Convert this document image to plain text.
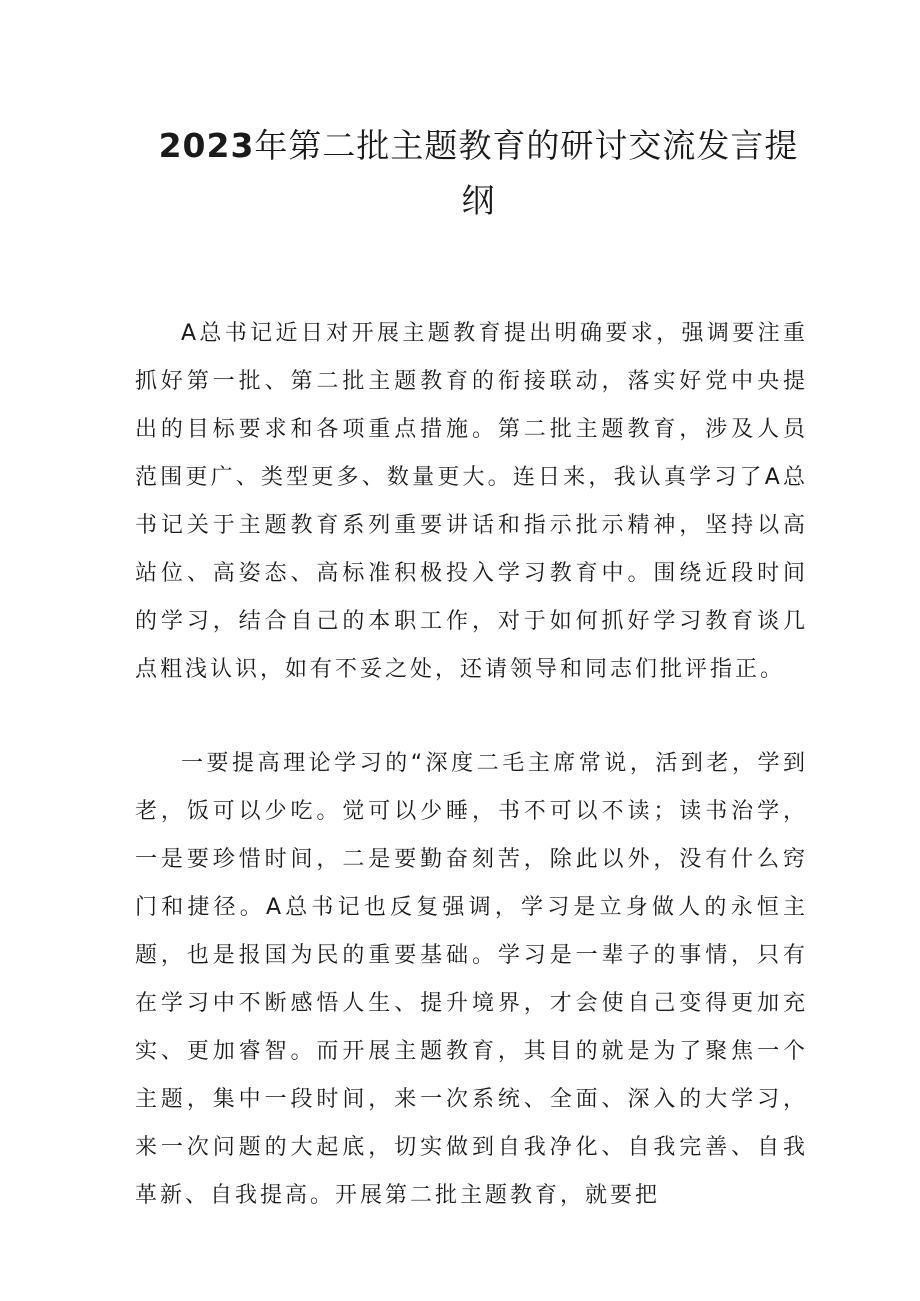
2023年第二批主题教育的研讨交流发言提纲

A总书记近日对开展主题教育提出明确要求，强调要注重抓好第一批、第二批主题教育的衔接联动，落实好党中央提出的目标要求和各项重点措施。第二批主题教育，涉及人员范围更广、类型更多、数量更大。连日来，我认真学习了A总书记关于主题教育系列重要讲话和指示批示精神，坚持以高站位、高姿态、高标准积极投入学习教育中。围绕近段时间的学习，结合自己的本职工作，对于如何抓好学习教育谈几点粗浅认识，如有不妥之处，还请领导和同志们批评指正。

一要提高理论学习的“深度二毛主席常说，活到老，学到老，饭可以少吃。觉可以少睡，书不可以不读；读书治学，一是要珍惜时间，二是要勤奋刻苦，除此以外，没有什么窍门和捷径。A总书记也反复强调，学习是立身做人的永恒主题，也是报国为民的重要基础。学习是一辈子的事情，只有在学习中不断感悟人生、提升境界，才会使自己变得更加充实、更加睿智。而开展主题教育，其目的就是为了聚焦一个主题，集中一段时间，来一次系统、全面、深入的大学习，来一次问题的大起底，切实做到自我净化、自我完善、自我革新、自我提高。开展第二批主题教育，就要把
